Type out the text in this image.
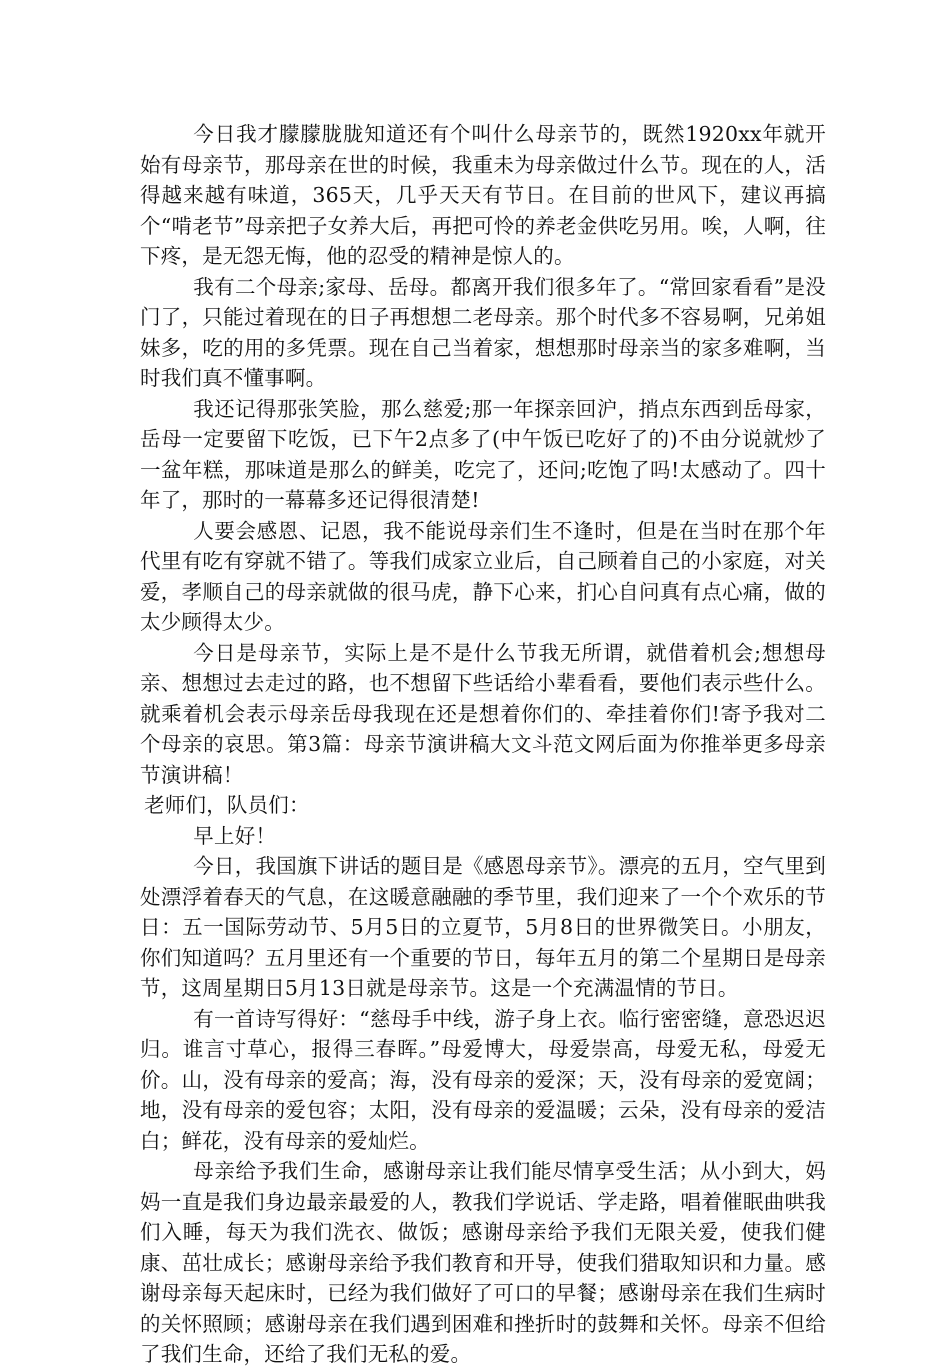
今日我才朦朦胧胧知道还有个叫什么母亲节的，既然1920xx年就开始有母亲节，那母亲在世的时候，我重未为母亲做过什么节。现在的人，活得越来越有味道，365天，几乎天天有节日。在目前的世风下，建议再搞个“啃老节”母亲把子女养大后，再把可怜的养老金供吃另用。唉，人啊，往下疼，是无怨无悔，他的忍受的精神是惊人的。

我有二个母亲;家母、岳母。都离开我们很多年了。“常回家看看”是没门了，只能过着现在的日子再想想二老母亲。那个时代多不容易啊，兄弟姐妹多，吃的用的多凭票。现在自己当着家，想想那时母亲当的家多难啊，当时我们真不懂事啊。

我还记得那张笑脸，那么慈爱;那一年探亲回沪，捎点东西到岳母家，岳母一定要留下吃饭，已下午2点多了(中午饭已吃好了的)不由分说就炒了一盆年糕，那味道是那么的鲜美，吃完了，还问;吃饱了吗!太感动了。四十年了，那时的一幕幕多还记得很清楚!

人要会感恩、记恩，我不能说母亲们生不逢时，但是在当时在那个年代里有吃有穿就不错了。等我们成家立业后，自己顾着自己的小家庭，对关爱，孝顺自己的母亲就做的很马虎，静下心来，扪心自问真有点心痛，做的太少顾得太少。

今日是母亲节，实际上是不是什么节我无所谓，就借着机会;想想母亲、想想过去走过的路，也不想留下些话给小辈看看，要他们表示些什么。就乘着机会表示母亲岳母我现在还是想着你们的、牵挂着你们!寄予我对二个母亲的哀思。第3篇：母亲节演讲稿大文斗范文网后面为你推举更多母亲节演讲稿！

老师们，队员们：

早上好！

今日，我国旗下讲话的题目是《感恩母亲节》。漂亮的五月，空气里到处漂浮着春天的气息，在这暖意融融的季节里，我们迎来了一个个欢乐的节日：五一国际劳动节、5月5日的立夏节，5月8日的世界微笑日。小朋友，你们知道吗？五月里还有一个重要的节日，每年五月的第二个星期日是母亲节，这周星期日5月13日就是母亲节。这是一个充满温情的节日。

有一首诗写得好：“慈母手中线，游子身上衣。临行密密缝，意恐迟迟归。谁言寸草心，报得三春晖。”母爱博大，母爱崇高，母爱无私，母爱无价。山，没有母亲的爱高；海，没有母亲的爱深；天，没有母亲的爱宽阔；地，没有母亲的爱包容；太阳，没有母亲的爱温暖；云朵，没有母亲的爱洁白；鲜花，没有母亲的爱灿烂。

母亲给予我们生命，感谢母亲让我们能尽情享受生活；从小到大，妈妈一直是我们身边最亲最爱的人，教我们学说话、学走路，唱着催眠曲哄我们入睡，每天为我们洗衣、做饭；感谢母亲给予我们无限关爱，使我们健康、茁壮成长；感谢母亲给予我们教育和开导，使我们猎取知识和力量。感谢母亲每天起床时，已经为我们做好了可口的早餐；感谢母亲在我们生病时的关怀照顾；感谢母亲在我们遇到困难和挫折时的鼓舞和关怀。母亲不但给了我们生命，还给了我们无私的爱。
